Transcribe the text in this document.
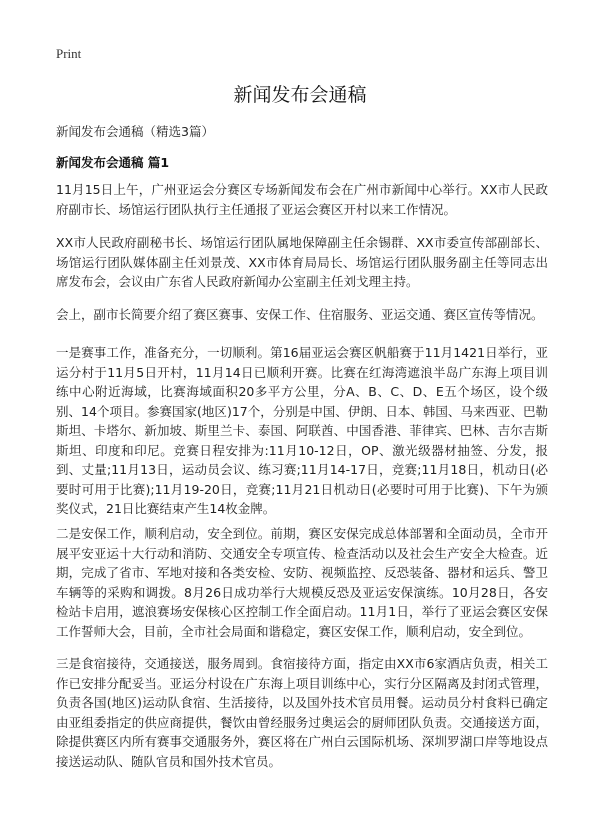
Print
新闻发布会通稿
新闻发布会通稿（精选3篇）
新闻发布会通稿 篇1

11月15日上午，广州亚运会分赛区专场新闻发布会在广州市新闻中心举行。XX市人民政府副市长、场馆运行团队执行主任通报了亚运会赛区开村以来工作情况。

XX市人民政府副秘书长、场馆运行团队属地保障副主任余锡群、XX市委宣传部副部长、场馆运行团队媒体副主任刘景茂、XX市体育局局长、场馆运行团队服务副主任等同志出席发布会，会议由广东省人民政府新闻办公室副主任刘戈理主持。

会上，副市长简要介绍了赛区赛事、安保工作、住宿服务、亚运交通、赛区宣传等情况。

一是赛事工作，准备充分，一切顺利。第16届亚运会赛区帆船赛于11月1421日举行，亚运分村于11月5日开村，11月14日已顺利开赛。比赛在红海湾遮浪半岛广东海上项目训练中心附近海域，比赛海域面积20多平方公里，分A、B、C、D、E五个场区，设个级别、14个项目。参赛国家(地区)17个，分别是中国、伊朗、日本、韩国、马来西亚、巴勒斯坦、卡塔尔、新加坡、斯里兰卡、泰国、阿联酋、中国香港、菲律宾、巴林、吉尔吉斯斯坦、印度和印尼。竞赛日程安排为:11月10-12日，OP、激光级器材抽签、分发，报到、丈量;11月13日，运动员会议、练习赛;11月14-17日，竞赛;11月18日，机动日(必要时可用于比赛);11月19-20日，竞赛;11月21日机动日(必要时可用于比赛)、下午为颁奖仪式，21日比赛结束产生14枚金牌。

二是安保工作，顺利启动，安全到位。前期，赛区安保完成总体部署和全面动员，全市开展平安亚运十大行动和消防、交通安全专项宣传、检查活动以及社会生产安全大检查。近期，完成了省市、军地对接和各类安检、安防、视频监控、反恐装备、器材和运兵、警卫车辆等的采购和调拨。8月26日成功举行大规模反恐及亚运安保演练。10月28日，各安检站卡启用，遮浪赛场安保核心区控制工作全面启动。11月1日，举行了亚运会赛区安保工作誓师大会，目前，全市社会局面和谐稳定，赛区安保工作，顺利启动，安全到位。

三是食宿接待，交通接送，服务周到。食宿接待方面，指定由XX市6家酒店负责，相关工作已安排分配妥当。亚运分村设在广东海上项目训练中心，实行分区隔离及封闭式管理，负责各国(地区)运动队食宿、生活接待，以及国外技术官员用餐。运动员分村食料已确定由亚组委指定的供应商提供，餐饮由曾经服务过奥运会的厨师团队负责。交通接送方面，除提供赛区内所有赛事交通服务外，赛区将在广州白云国际机场、深圳罗湖口岸等地设点接送运动队、随队官员和国外技术官员。
